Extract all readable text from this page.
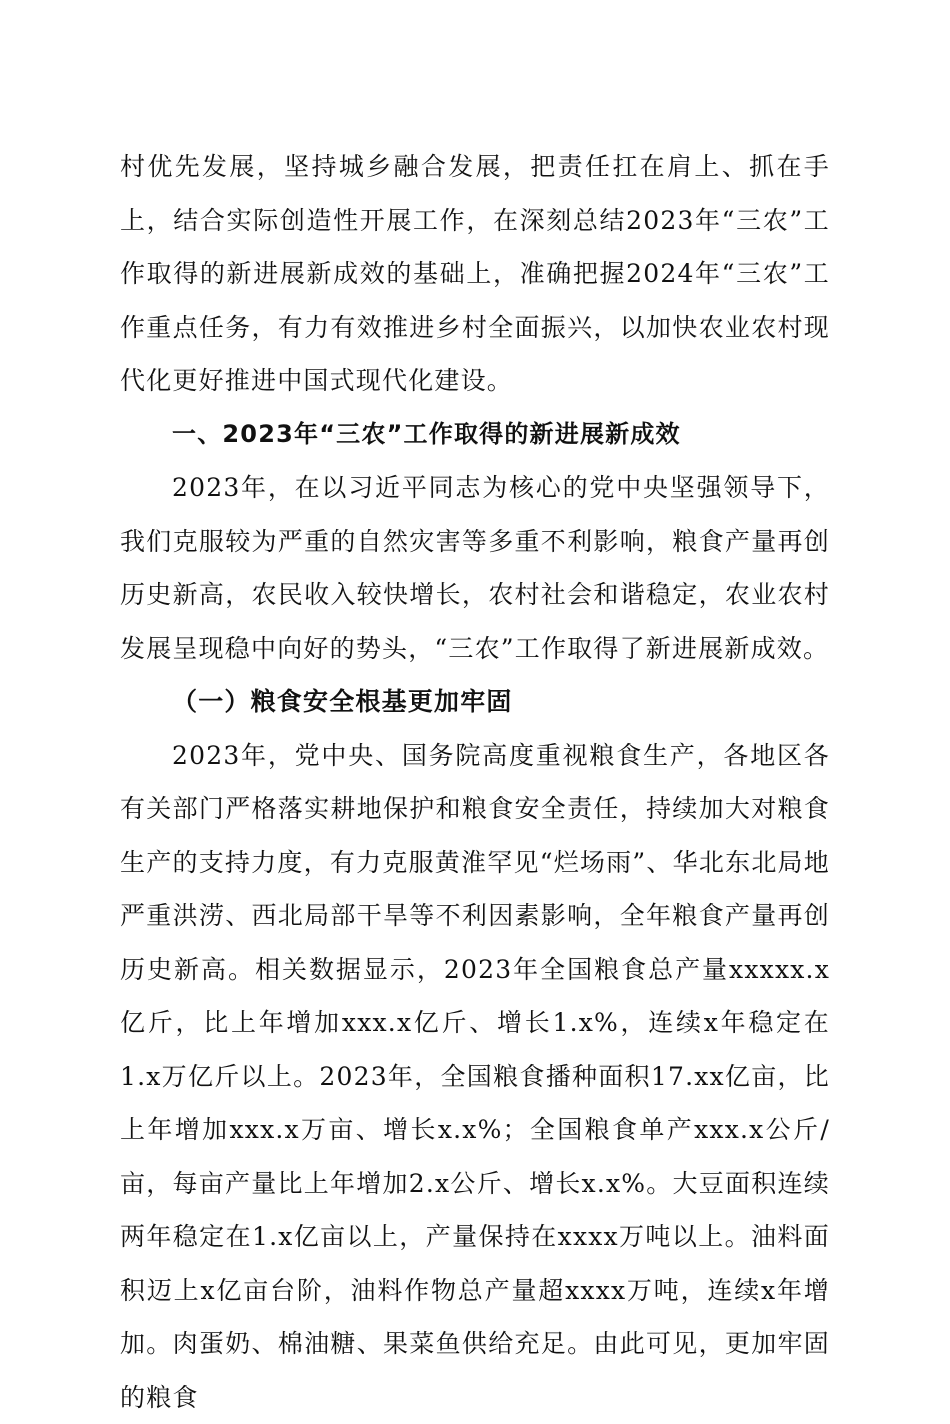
村优先发展，坚持城乡融合发展，把责任扛在肩上、抓在手上，结合实际创造性开展工作，在深刻总结2023年“三农”工作取得的新进展新成效的基础上，准确把握2024年“三农”工作重点任务，有力有效推进乡村全面振兴，以加快农业农村现代化更好推进中国式现代化建设。

一、2023年“三农”工作取得的新进展新成效

2023年，在以习近平同志为核心的党中央坚强领导下，我们克服较为严重的自然灾害等多重不利影响，粮食产量再创历史新高，农民收入较快增长，农村社会和谐稳定，农业农村发展呈现稳中向好的势头，“三农”工作取得了新进展新成效。

（一）粮食安全根基更加牢固

2023年，党中央、国务院高度重视粮食生产，各地区各有关部门严格落实耕地保护和粮食安全责任，持续加大对粮食生产的支持力度，有力克服黄淮罕见“烂场雨”、华北东北局地严重洪涝、西北局部干旱等不利因素影响，全年粮食产量再创历史新高。相关数据显示，2023年全国粮食总产量xxxxx.x亿斤，比上年增加xxx.x亿斤、增长1.x%，连续x年稳定在1.x万亿斤以上。2023年，全国粮食播种面积17.xx亿亩，比上年增加xxx.x万亩、增长x.x%；全国粮食单产xxx.x公斤/亩，每亩产量比上年增加2.x公斤、增长x.x%。大豆面积连续两年稳定在1.x亿亩以上，产量保持在xxxx万吨以上。油料面积迈上x亿亩台阶，油料作物总产量超xxxx万吨，连续x年增加。肉蛋奶、棉油糖、果菜鱼供给充足。由此可见，更加牢固的粮食
